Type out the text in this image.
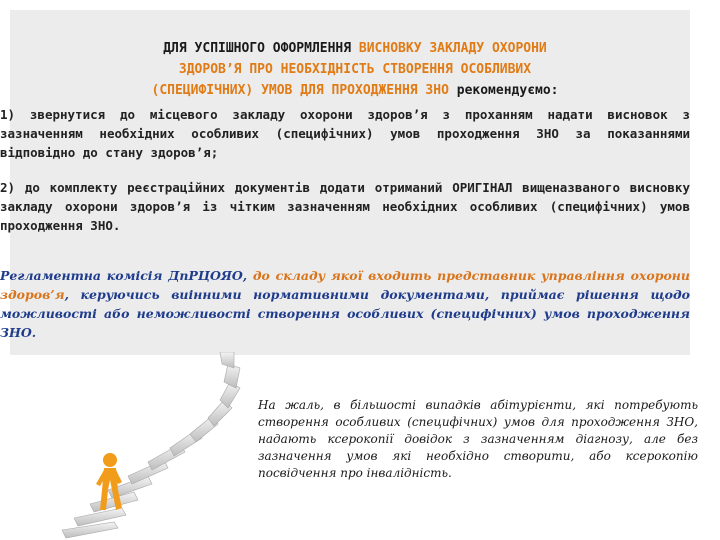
ДЛЯ УСПІШНОГО ОФОРМЛЕННЯ ВИСНОВКУ ЗАКЛАДУ ОХОРОНИ
ЗДОРОВ’Я ПРО НЕОБХІДНІСТЬ СТВОРЕННЯ ОСОБЛИВИХ
(СПЕЦИФІЧНИХ) УМОВ ДЛЯ ПРОХОДЖЕННЯ ЗНО рекомендуємо:
1) звернутися до місцевого закладу охорони здоров’я з проханням надати висновок з зазначенням необхідних особливих (специфічних) умов проходження ЗНО за показаннями відповідно до стану здоров’я;
2) до комплекту реєстраційних документів додати отриманий ОРИГІНАЛ вищеназваного висновку закладу охорони здоров’я із чітким зазначенням необхідних особливих (специфічних) умов проходження ЗНО.
Регламентна комісія ДпРЦОЯО, до складу якої входить представник управління охорони здоров’я, керуючись виінними нормативними документами, приймає рішення щодо можливості або неможливості створення особливих (специфічних) умов проходження ЗНО.
На жаль, в більшості випадків абітурієнти, які потребують створення особливих (специфічних) умов для проходження ЗНО, надають ксерокопії довідок з зазначенням діагнозу, але без зазначення умов які необхідно створити, або ксерокопію посвідчення про інвалідність.
